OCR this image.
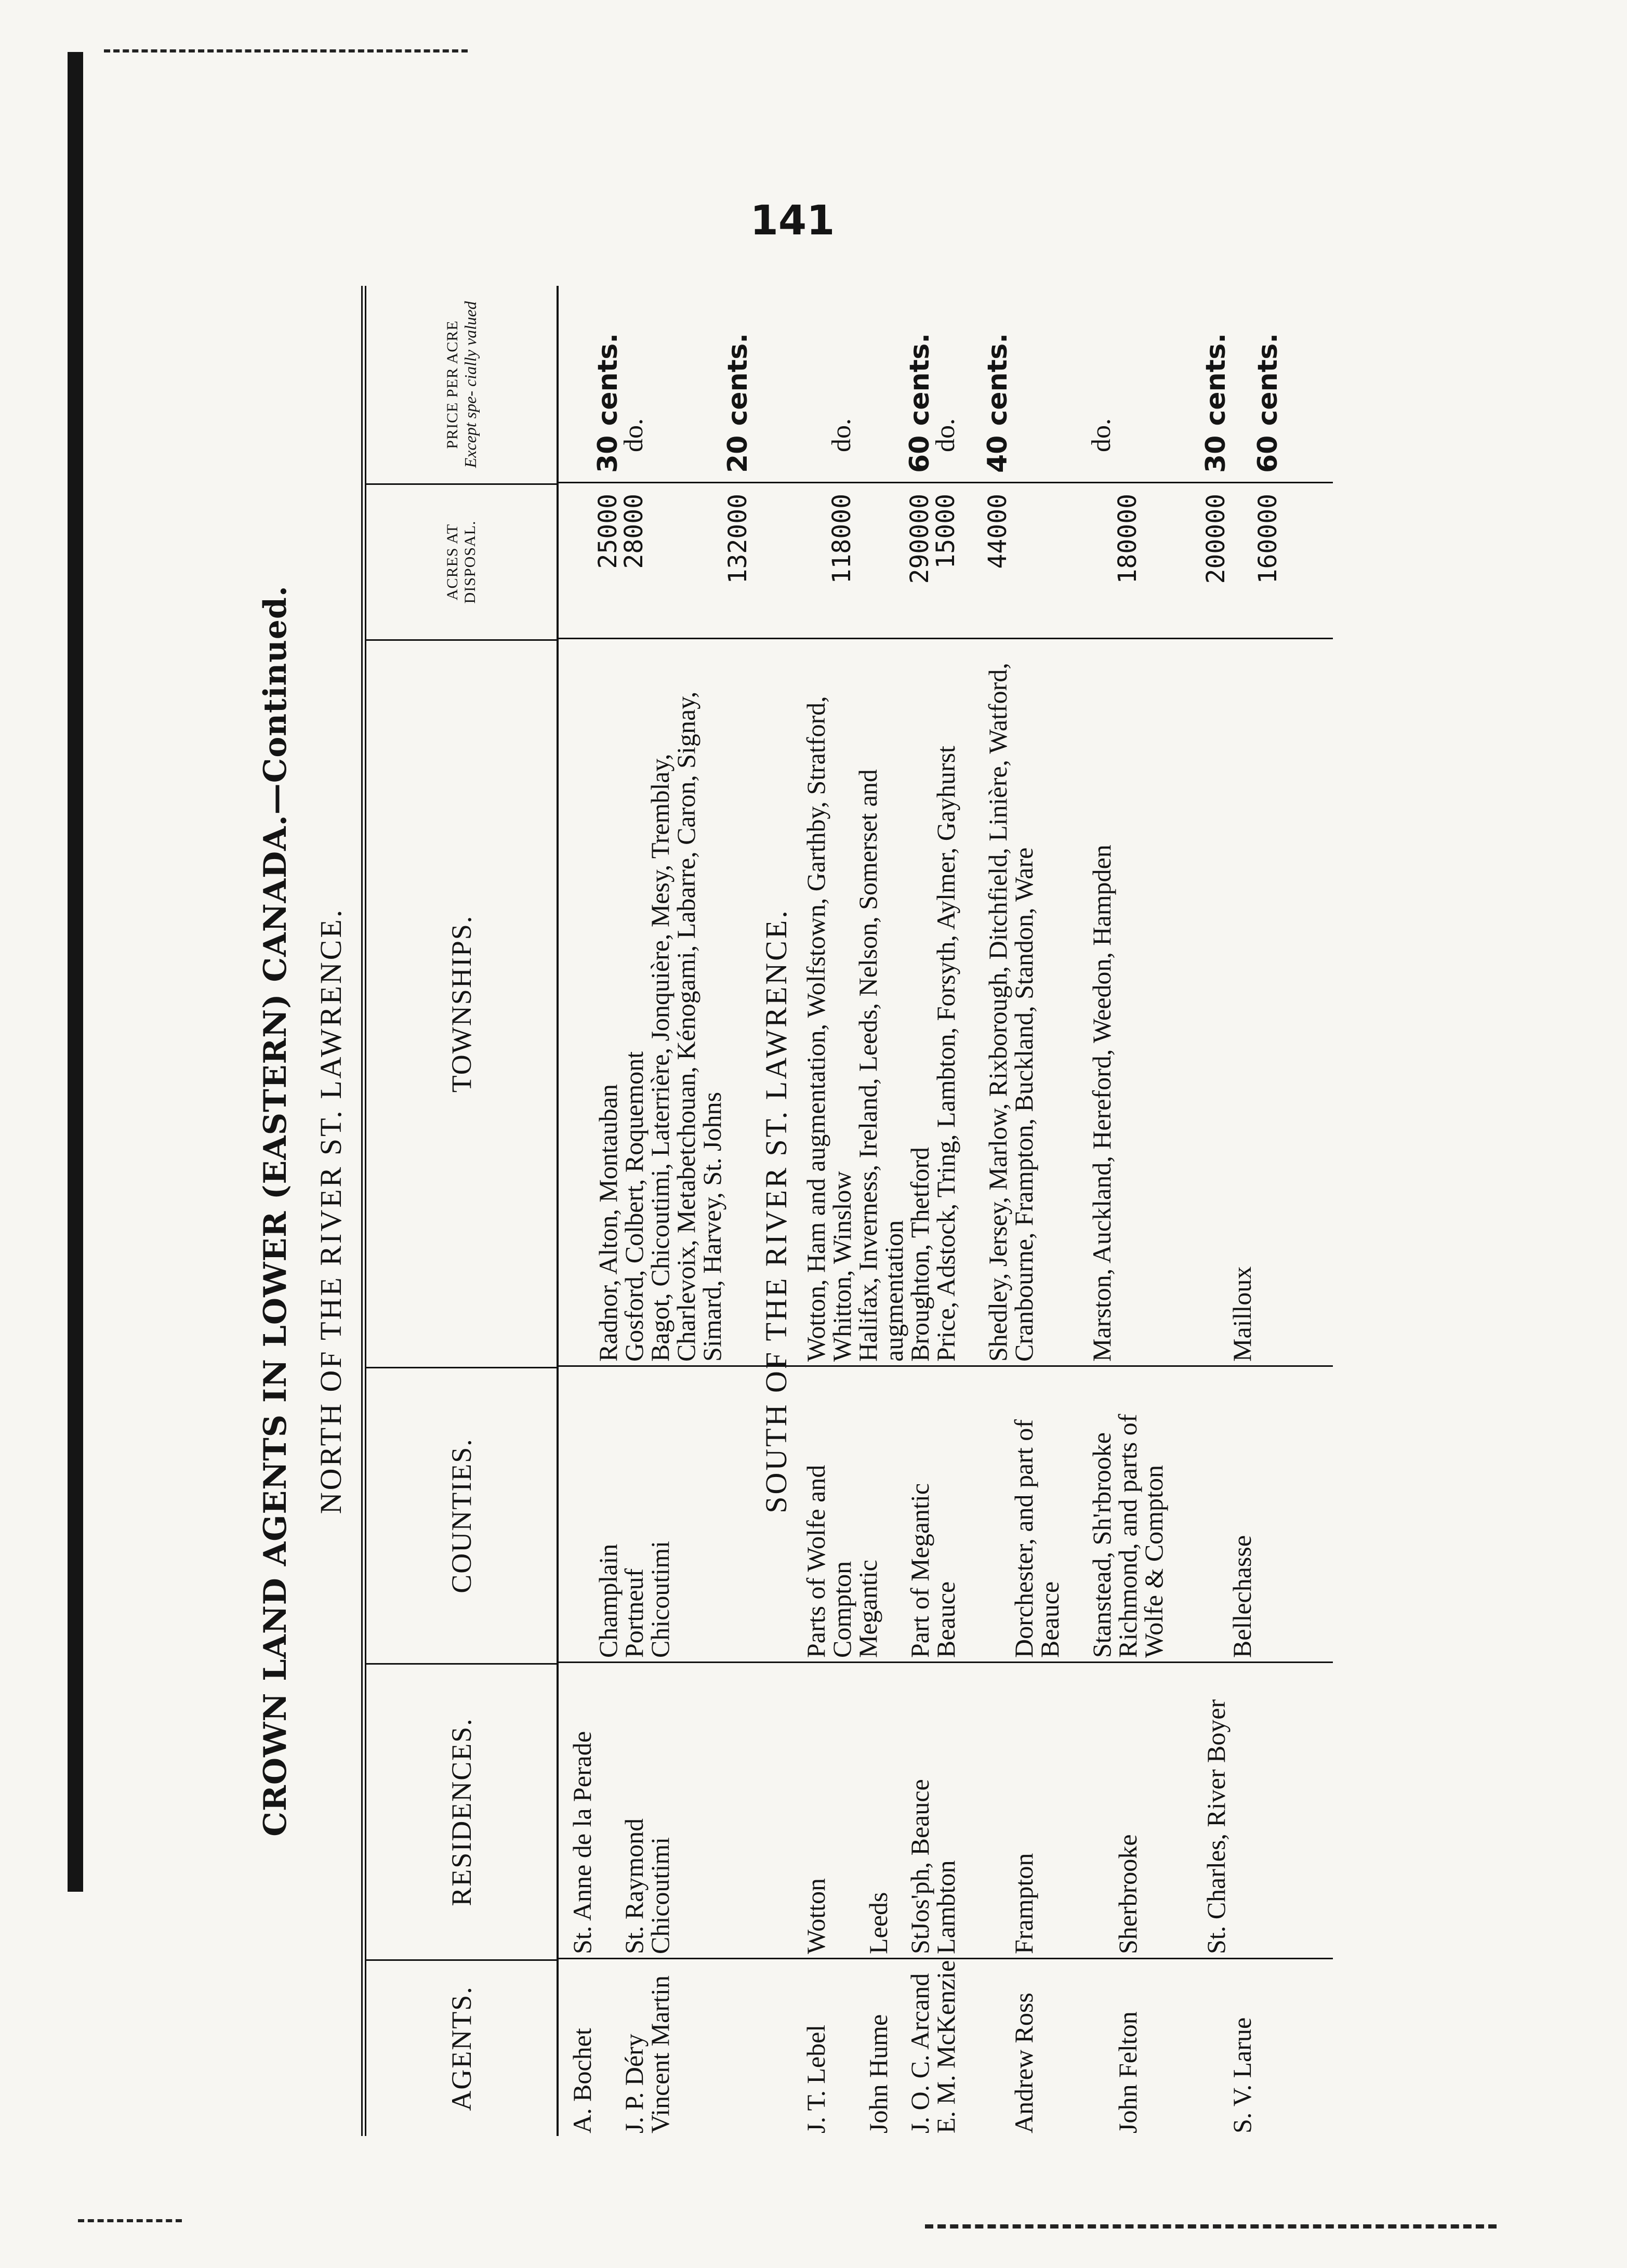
141
CROWN LAND AGENTS IN LOWER (EASTERN) CANADA.—Continued. NORTH OF THE RIVER ST. LAWRENCE.
AGENTS.
RESIDENCES.
COUNTIES.
TOWNSHIPS.
ACRES AT DISPOSAL.
PRICE PER ACRE Except spe- cially valued
A. Bochet
St. Anne de la Perade
Champlain
Radnor, Alton, Montauban
25000
30 cents.
J. P. Déry
St. Raymond
Portneuf
Gosford, Colbert, Roquemont
28000
do.
Vincent Martin
Chicoutimi
Chicoutimi
Bagot, Chicoutimi, Laterrière, Jonquière, Mesy, Tremblay, Charlevoix, Metabetchouan, Kénogami, Labarre, Caron, Signay, Simard, Harvey, St. Johns
132000
20 cents.
SOUTH OF THE RIVER ST. LAWRENCE.
J. T. Lebel
Wotton
Parts of Wolfe and Compton
Wotton, Ham and augmentation, Wolfstown, Garthby, Stratford, Whitton, Winslow
118000
do.
John Hume
Leeds
Megantic
Halifax, Inverness, Ireland, Leeds, Nelson, Somerset and augmentation
J. O. C. Arcand
StJos'ph, Beauce
Part of Megantic
Broughton, Thetford
290000
60 cents.
E. M. McKenzie
Lambton
Beauce
Price, Adstock, Tring, Lambton, Forsyth, Aylmer, Gayhurst
15000
do.
Andrew Ross
Frampton
Dorchester, and part of Beauce
Shedley, Jersey, Marlow, Rixborough, Ditchfield, Linière, Watford, Cranbourne, Frampton, Buckland, Standon, Ware
44000
40 cents.
John Felton
Sherbrooke
Stanstead, Sh'rbrooke Richmond, and parts of Wolfe & Compton
Marston, Auckland, Hereford, Weedon, Hampden
180000
do.
S. V. Larue
St. Charles, River Boyer
Bellechasse
Mailloux
200000
30 cents.
160000
60 cents.
